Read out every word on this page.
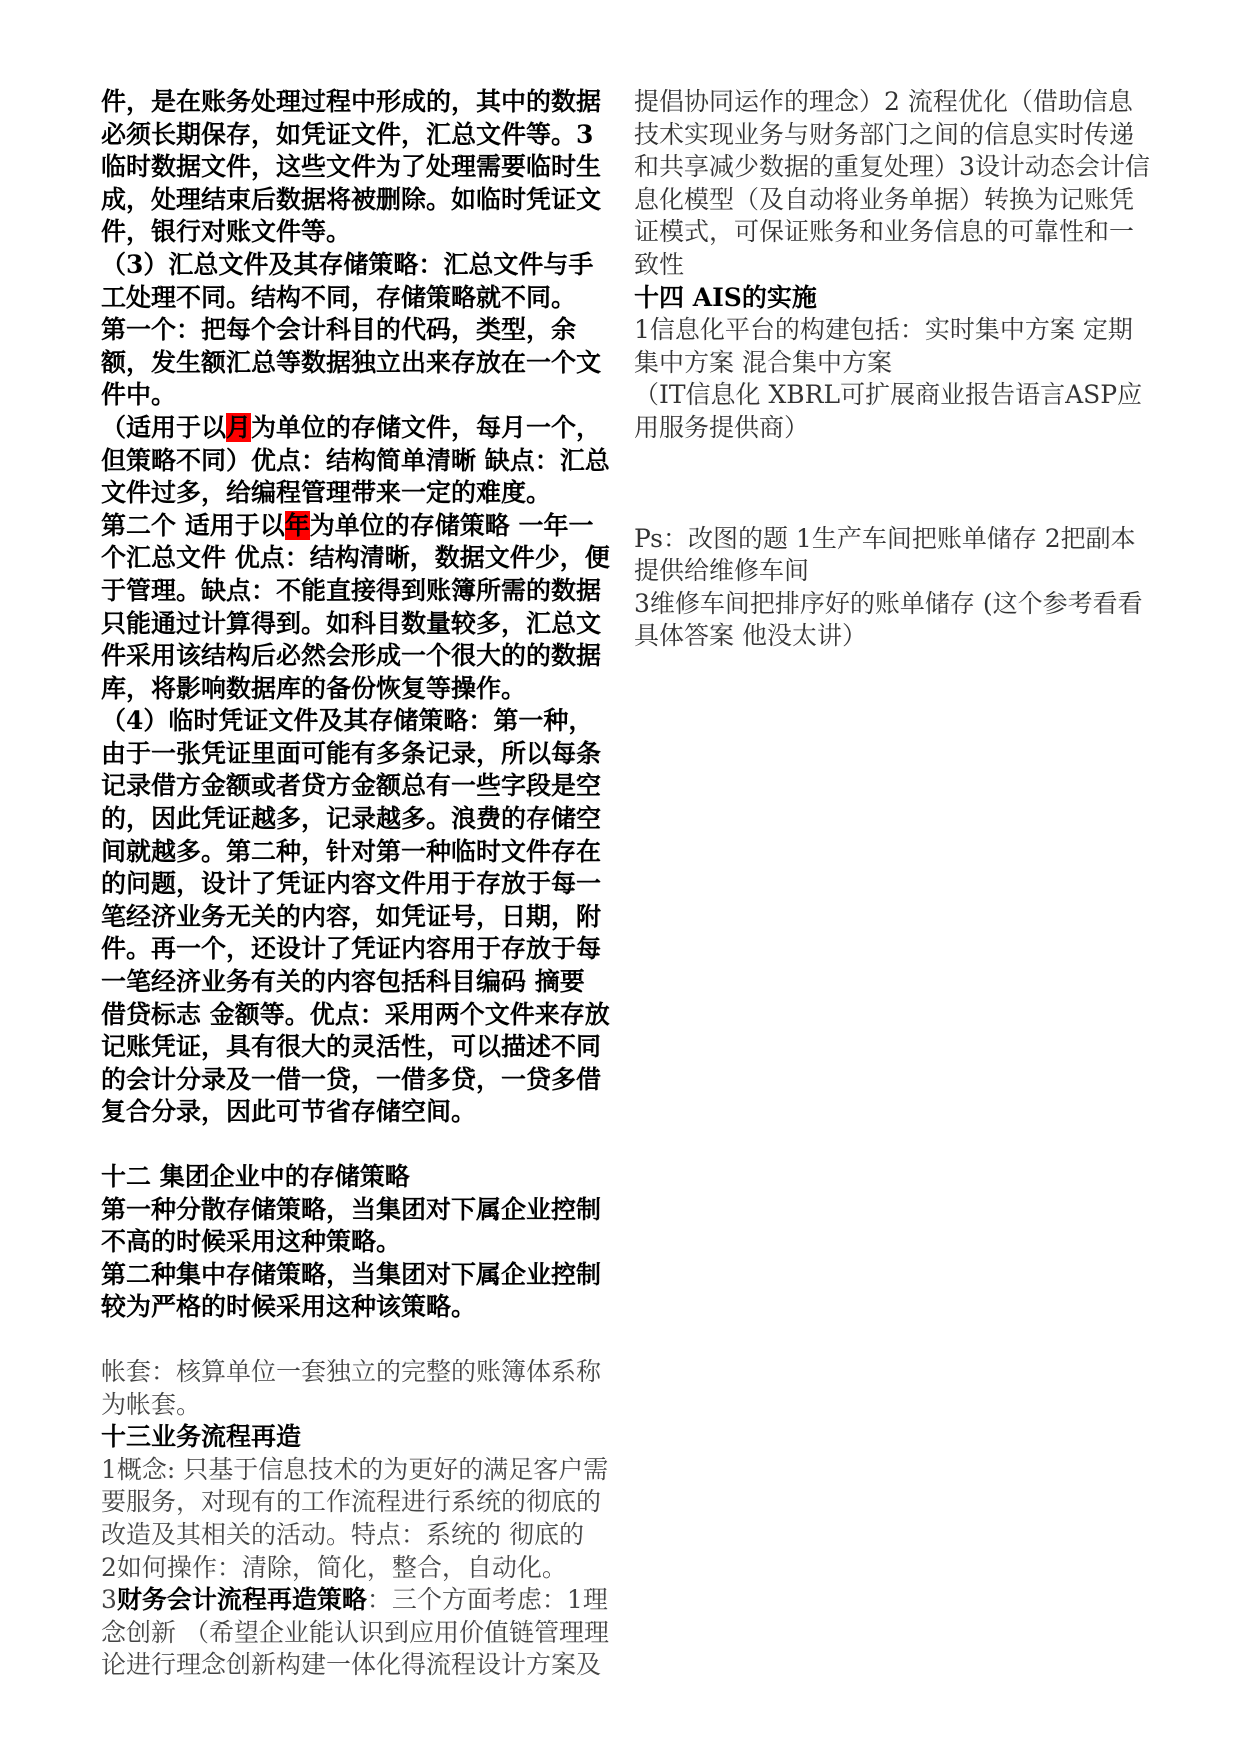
件，是在账务处理过程中形成的，其中的数据必须长期保存，如凭证文件，汇总文件等。3临时数据文件，这些文件为了处理需要临时生成，处理结束后数据将被删除。如临时凭证文件，银行对账文件等。
（3）汇总文件及其存储策略：汇总文件与手工处理不同。结构不同，存储策略就不同。
第一个：把每个会计科目的代码，类型，余额，发生额汇总等数据独立出来存放在一个文件中。
（适用于以月为单位的存储文件，每月一个，但策略不同）优点：结构简单清晰 缺点：汇总文件过多，给编程管理带来一定的难度。
第二个 适用于以年为单位的存储策略 一年一个汇总文件 优点：结构清晰，数据文件少，便于管理。缺点：不能直接得到账簿所需的数据只能通过计算得到。如科目数量较多，汇总文件采用该结构后必然会形成一个很大的的数据库，将影响数据库的备份恢复等操作。
（4）临时凭证文件及其存储策略：第一种，由于一张凭证里面可能有多条记录，所以每条记录借方金额或者贷方金额总有一些字段是空的，因此凭证越多，记录越多。浪费的存储空间就越多。第二种，针对第一种临时文件存在的问题，设计了凭证内容文件用于存放于每一笔经济业务无关的内容，如凭证号，日期，附件。再一个，还设计了凭证内容用于存放于每一笔经济业务有关的内容包括科目编码 摘要 借贷标志 金额等。优点：采用两个文件来存放记账凭证，具有很大的灵活性，可以描述不同的会计分录及一借一贷，一借多贷，一贷多借复合分录，因此可节省存储空间。
十二 集团企业中的存储策略
第一种分散存储策略，当集团对下属企业控制不高的时候采用这种策略。
第二种集中存储策略，当集团对下属企业控制较为严格的时候采用这种该策略。
帐套：核算单位一套独立的完整的账簿体系称为帐套。
十三业务流程再造
1概念: 只基于信息技术的为更好的满足客户需要服务，对现有的工作流程进行系统的彻底的改造及其相关的活动。特点：系统的 彻底的
2如何操作：清除，简化，整合，自动化。
3财务会计流程再造策略：三个方面考虑：1理念创新 （希望企业能认识到应用价值链管理理论进行理念创新构建一体化得流程设计方案及
提倡协同运作的理念）2 流程优化（借助信息技术实现业务与财务部门之间的信息实时传递和共享减少数据的重复处理）3设计动态会计信息化模型（及自动将业务单据）转换为记账凭证模式，可保证账务和业务信息的可靠性和一致性
十四 AIS的实施
1信息化平台的构建包括：实时集中方案 定期集中方案 混合集中方案
（IT信息化 XBRL可扩展商业报告语言ASP应用服务提供商）
Ps：改图的题 1生产车间把账单储存 2把副本提供给维修车间
3维修车间把排序好的账单储存 (这个参考看看 具体答案 他没太讲）
